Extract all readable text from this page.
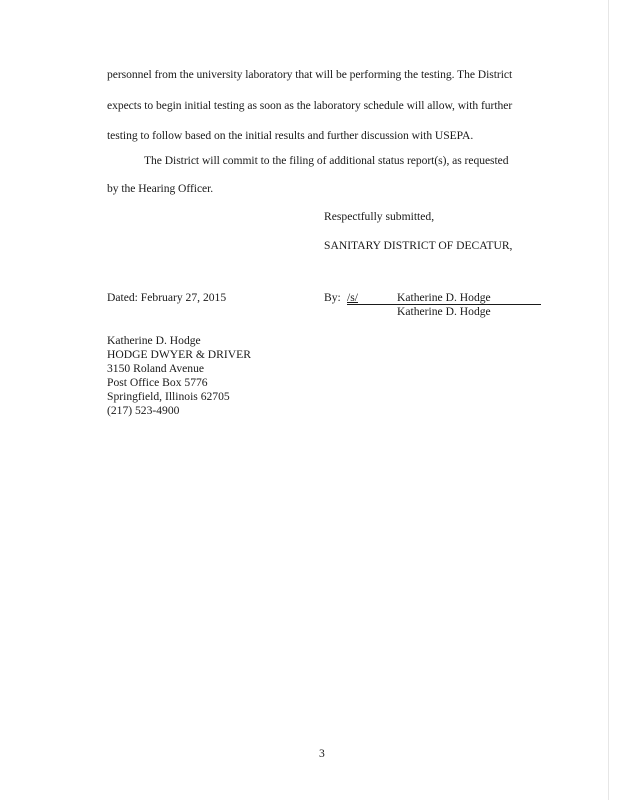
personnel from the university laboratory that will be performing the testing. The District
expects to begin initial testing as soon as the laboratory schedule will allow, with further
testing to follow based on the initial results and further discussion with USEPA.
The District will commit to the filing of additional status report(s), as requested
by the Hearing Officer.
Respectfully submitted,
SANITARY DISTRICT OF DECATUR,
Dated: February 27, 2015	By: /s/	Katherine D. Hodge
Katherine D. Hodge
Katherine D. Hodge
HODGE DWYER & DRIVER
3150 Roland Avenue
Post Office Box 5776
Springfield, Illinois 62705
(217) 523-4900
3
